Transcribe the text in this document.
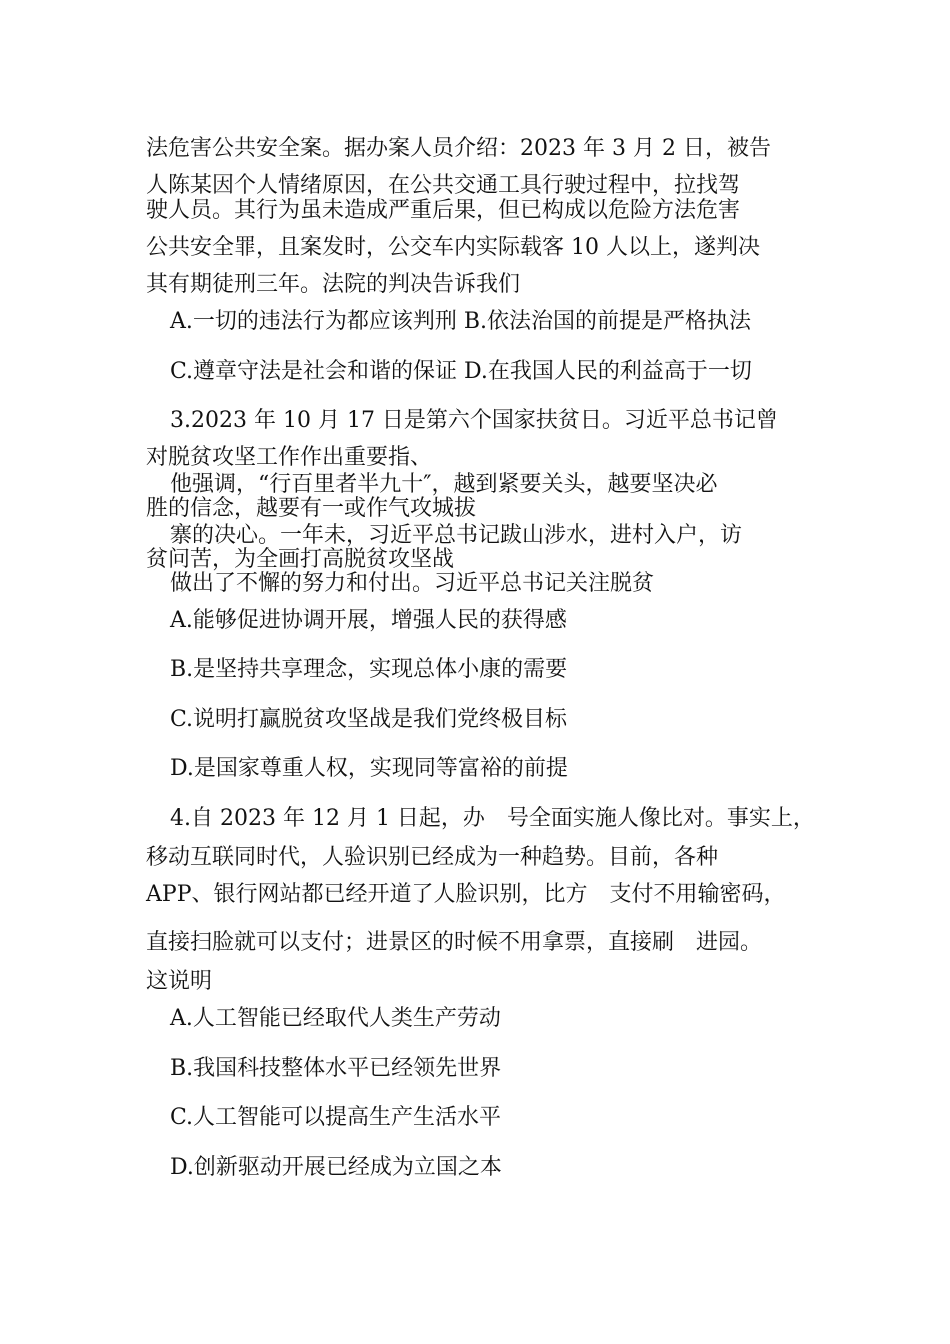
法危害公共安全案。据办案人员介绍：2023 年 3 月 2 日，被告
人陈某因个人情绪原因，在公共交通工具行驶过程中，拉找驾
驶人员。其行为虽未造成严重后果，但已构成以危险方法危害
公共安全罪，且案发时，公交车内实际载客 10 人以上，遂判决
其有期徒刑三年。法院的判决告诉我们
A.一切的违法行为都应该判刑 B.依法治国的前提是严格执法
C.遵章守法是社会和谐的保证 D.在我国人民的利益高于一切
3.2023 年 10 月 17 日是第六个国家扶贫日。习近平总书记曾
对脱贫攻坚工作作出重要指、
他强调，“行百里者半九十″，越到紧要关头，越要坚决必
胜的信念，越要有一或作气攻城拔
寨的决心。一年未，习近平总书记跋山涉水，进村入户，访
贫问苦，为全画打高脱贫攻坚战
做出了不懈的努力和付出。习近平总书记关注脱贫
A.能够促进协调开展，增强人民的获得感
B.是坚持共享理念，实现总体小康的需要
C.说明打赢脱贫攻坚战是我们党终极目标
D.是国家尊重人权，实现同等富裕的前提
4.自 2023 年 12 月 1 日起，办　号全面实施人像比对。事实上，
移动互联同时代，人验识别已经成为一种趋势。目前，各种
APP、银行网站都已经开道了人脸识别，比方　支付不用输密码，
直接扫脸就可以支付；进景区的时候不用拿票，直接刷　进园。
这说明
A.人工智能已经取代人类生产劳动
B.我国科技整体水平已经领先世界
C.人工智能可以提高生产生活水平
D.创新驱动开展已经成为立国之本
